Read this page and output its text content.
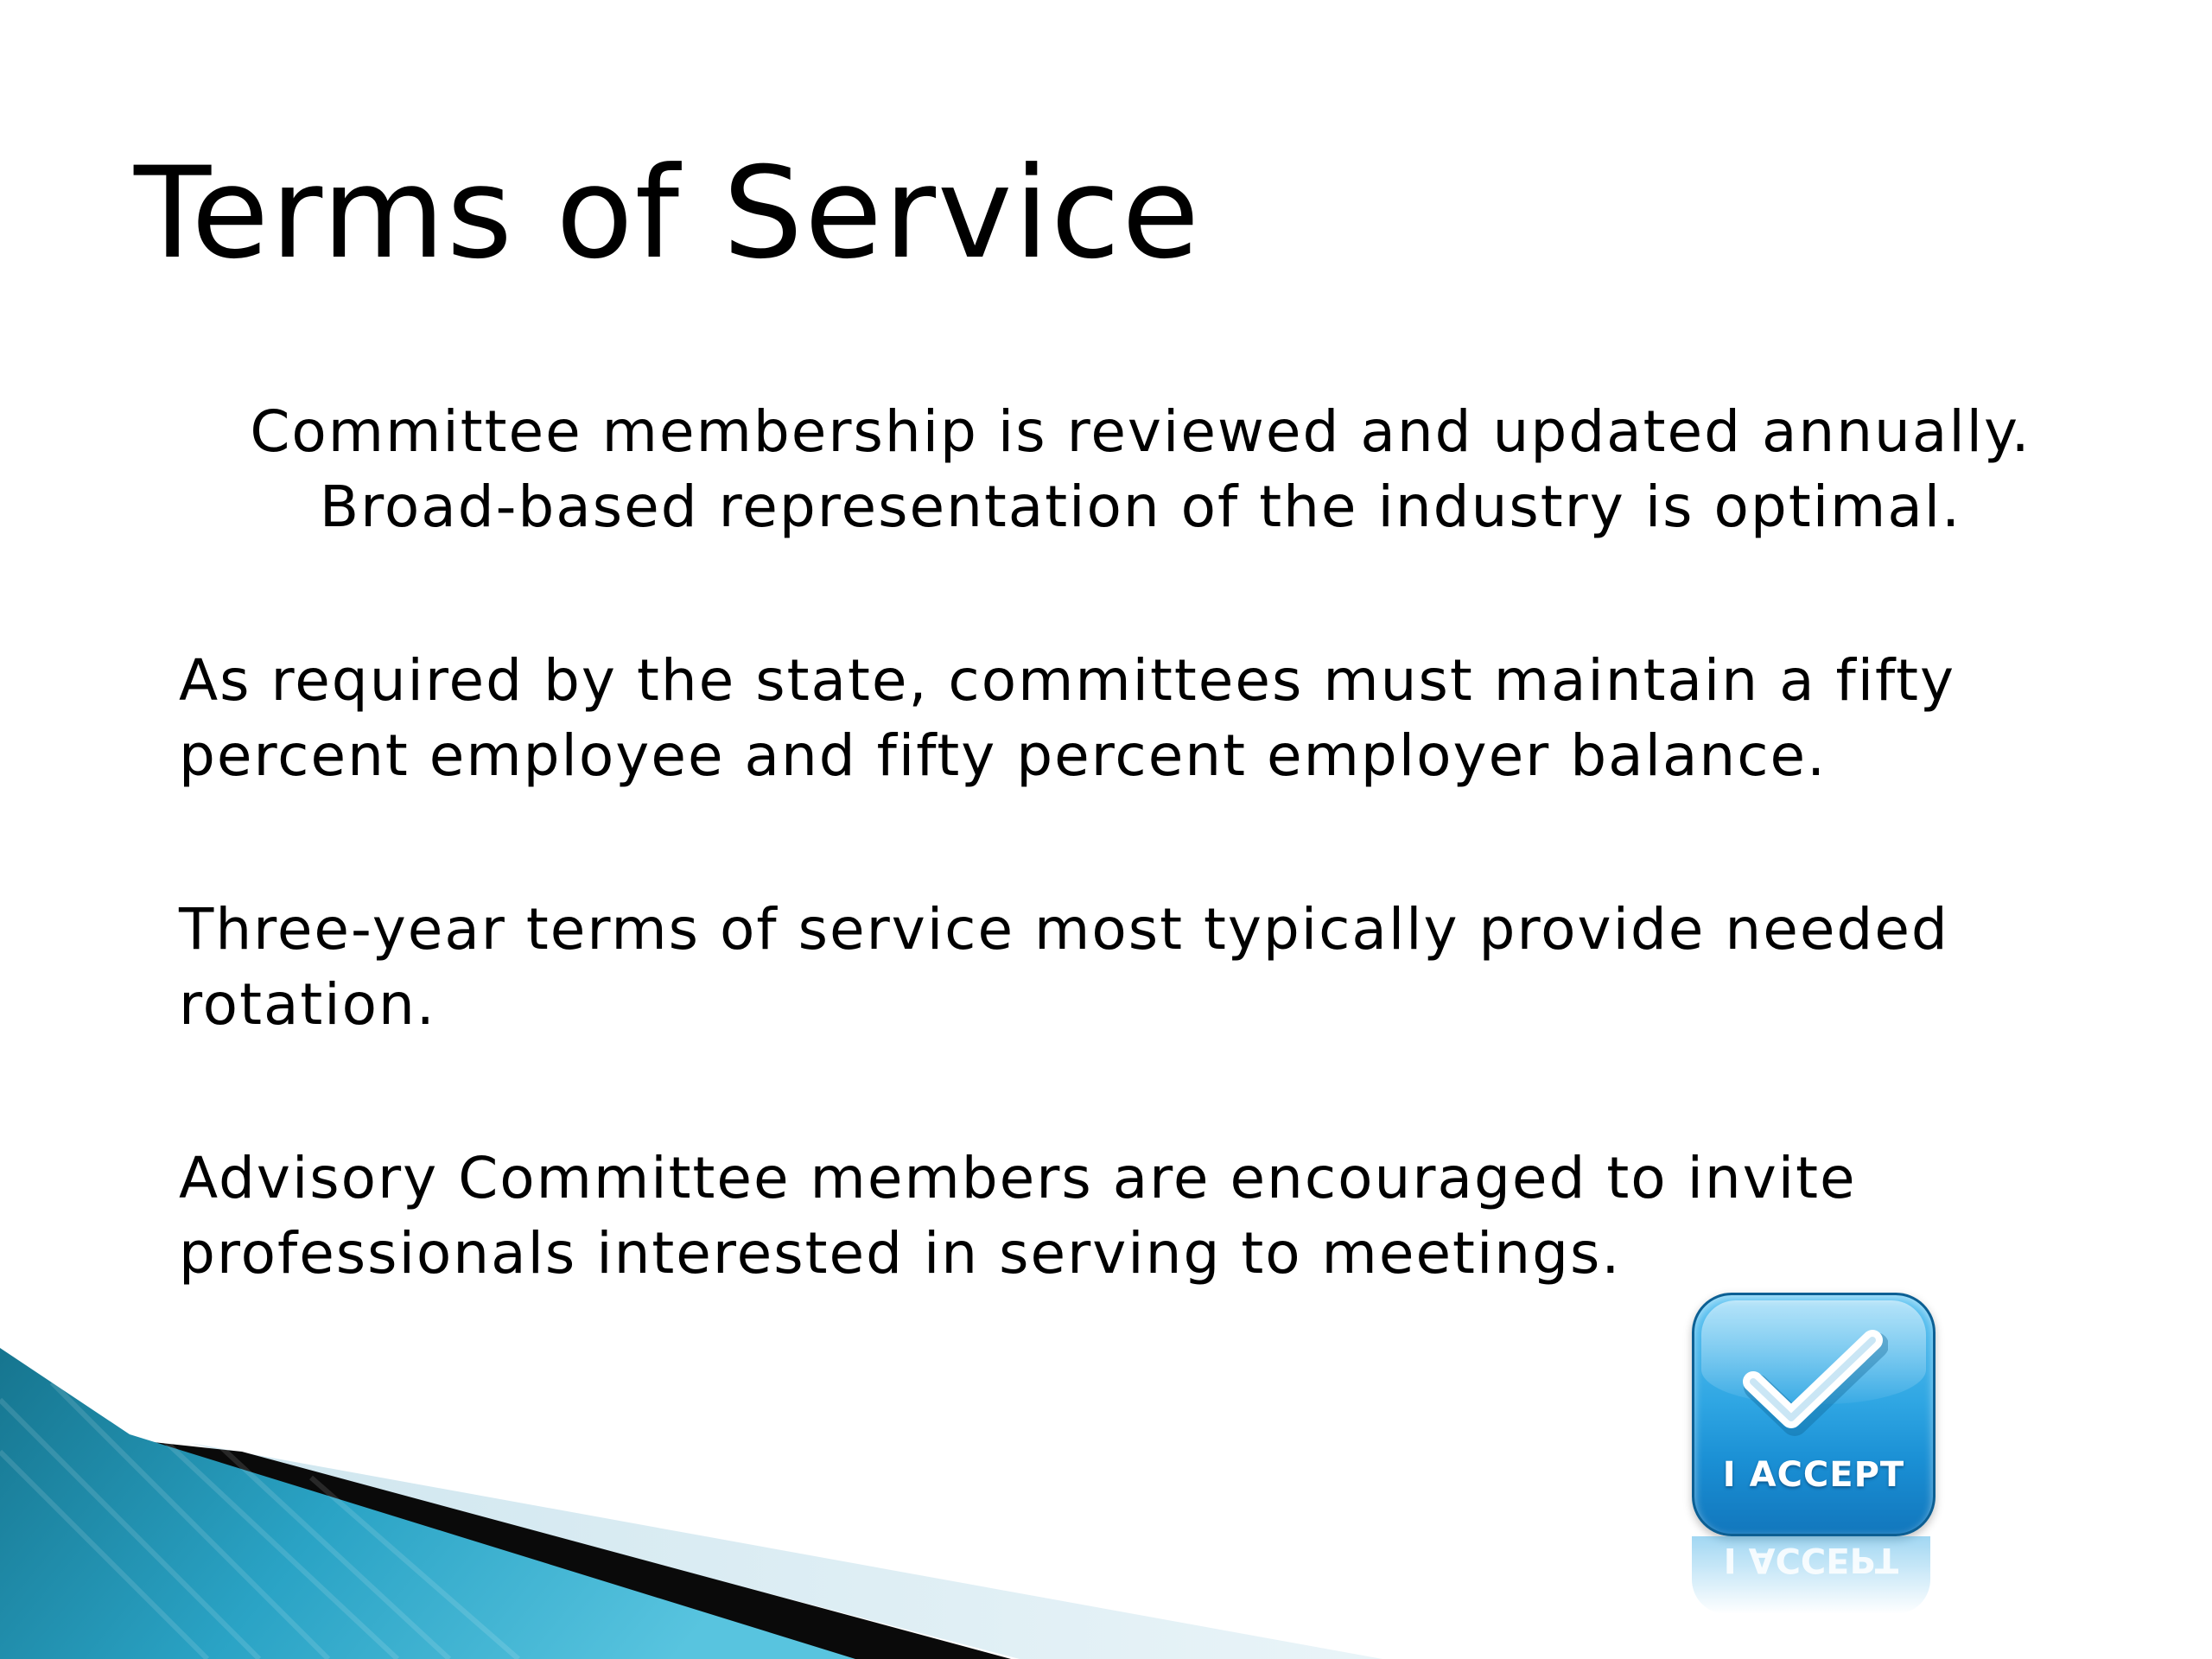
Terms of Service
Committee membership is reviewed and updated annually.
Broad-based representation of the industry is optimal.
As required by the state, committees must maintain a fifty
percent employee and fifty percent employer balance.
Three-year terms of service most typically provide needed
rotation.
Advisory Committee members are encouraged to invite
professionals interested in serving to meetings.
I ACCEPT
I ACCEPT
